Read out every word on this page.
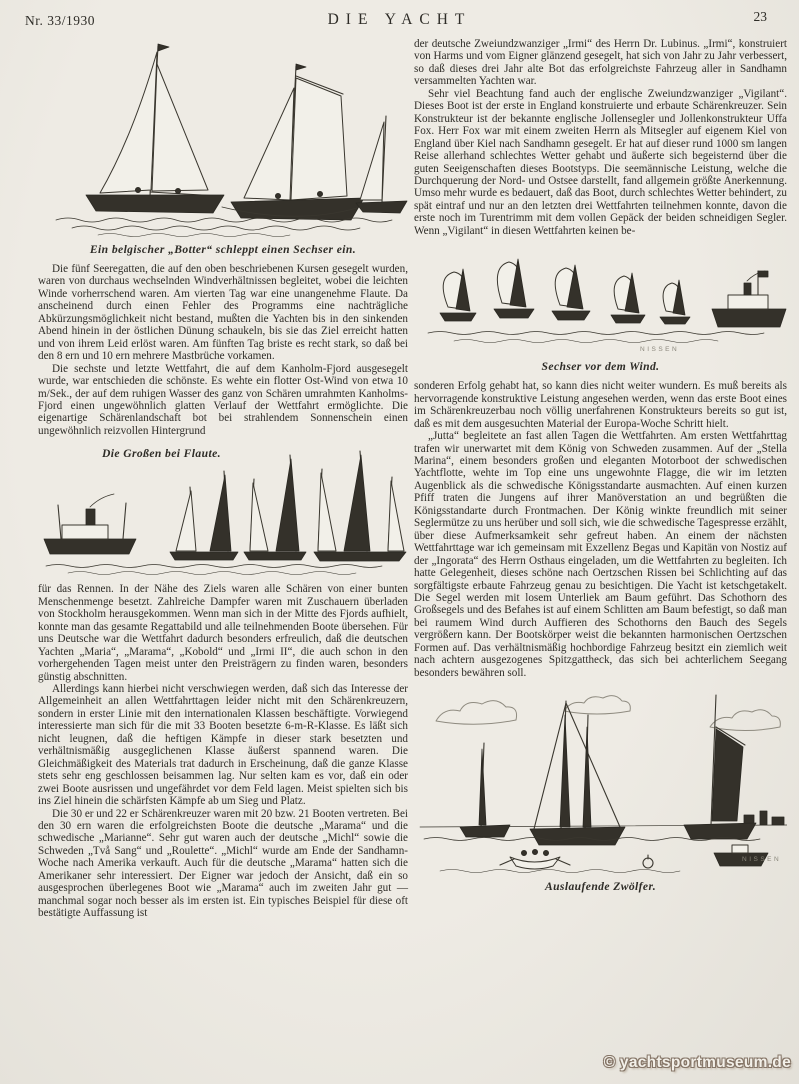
Nr. 33/1930	DIE YACHT	23

Ein belgischer „Botter“ schleppt einen Sechser ein.

Die fünf Seeregatten, die auf den oben beschriebenen Kursen gesegelt wurden, waren von durchaus wechselnden Windverhältnissen begleitet, wobei die leichten Winde vorherrschend waren. Am vierten Tag war eine unangenehme Flaute. Da anscheinend durch einen Fehler des Programms eine nachträgliche Abkürzungsmöglichkeit nicht bestand, mußten die Yachten bis in den sinkenden Abend hinein in der östlichen Dünung schaukeln, bis sie das Ziel erreicht hatten und von ihrem Leid erlöst waren. Am fünften Tag briste es recht stark, so daß bei den 8 ern und 10 ern mehrere Mastbrüche vorkamen.

Die sechste und letzte Wettfahrt, die auf dem Kanholm-Fjord ausgesegelt wurde, war entschieden die schönste. Es wehte ein flotter Ost-Wind von etwa 10 m/Sek., der auf dem ruhigen Wasser des ganz von Schären umrahmten Kanholms-Fjord einen ungewöhnlich glatten Verlauf der Wettfahrt ermöglichte. Die eigenartige Schärenlandschaft bot bei strahlendem Sonnenschein einen ungewöhnlich reizvollen Hintergrund

Die Großen bei Flaute.

für das Rennen. In der Nähe des Ziels waren alle Schären von einer bunten Menschenmenge besetzt. Zahlreiche Dampfer waren mit Zuschauern überladen von Stockholm herausgekommen. Wenn man sich in der Mitte des Fjords aufhielt, konnte man das gesamte Regattabild und alle teilnehmenden Boote übersehen. Für uns Deutsche war die Wettfahrt dadurch besonders erfreulich, daß die deutschen Yachten „Maria“, „Marama“, „Kobold“ und „Irmi II“, die auch schon in den vorhergehenden Tagen meist unter den Preisträgern zu finden waren, besonders günstig abschnitten.

Allerdings kann hierbei nicht verschwiegen werden, daß sich das Interesse der Allgemeinheit an allen Wettfahrttagen leider nicht mit den Schärenkreuzern, sondern in erster Linie mit den internationalen Klassen beschäftigte. Vorwiegend interessierte man sich für die mit 33 Booten besetzte 6-m-R-Klasse. Es läßt sich nicht leugnen, daß die heftigen Kämpfe in dieser stark besetzten und verhältnismäßig ausgeglichenen Klasse äußerst spannend waren. Die Gleichmäßigkeit des Materials trat dadurch in Erscheinung, daß die ganze Klasse stets sehr eng geschlossen beisammen lag. Nur selten kam es vor, daß ein oder zwei Boote ausrissen und ungefährdet vor dem Feld lagen. Meist spielten sich bis ins Ziel hinein die schärfsten Kämpfe ab um Sieg und Platz.

Die 30 er und 22 er Schärenkreuzer waren mit 20 bzw. 21 Booten vertreten. Bei den 30 ern waren die erfolgreichsten Boote die deutsche „Marama“ und die schwedische „Marianne“. Sehr gut waren auch der deutsche „Michl“ sowie die Schweden „Två Sang“ und „Roulette“. „Michl“ wurde am Ende der Sandhamn-Woche nach Amerika verkauft. Auch für die deutsche „Marama“ hatten sich die Amerikaner sehr interessiert. Der Eigner war jedoch der Ansicht, daß ein so ausgesprochen überlegenes Boot wie „Marama“ auch im zweiten Jahr gut — manchmal sogar noch besser als im ersten ist. Ein typisches Beispiel für diese oft bestätigte Auffassung ist

der deutsche Zweiundzwanziger „Irmi“ des Herrn Dr. Lubinus. „Irmi“, konstruiert von Harms und vom Eigner glänzend gesegelt, hat sich von Jahr zu Jahr verbessert, so daß dieses drei Jahr alte Bot das erfolgreichste Fahrzeug aller in Sandhamn versammelten Yachten war.

Sehr viel Beachtung fand auch der englische Zweiundzwanziger „Vigilant“. Dieses Boot ist der erste in England konstruierte und erbaute Schärenkreuzer. Sein Konstrukteur ist der bekannte englische Jollensegler und Jollenkonstrukteur Uffa Fox. Herr Fox war mit einem zweiten Herrn als Mitsegler auf eigenem Kiel von England über Kiel nach Sandhamn gesegelt. Er hat auf dieser rund 1000 sm langen Reise allerhand schlechtes Wetter gehabt und äußerte sich begeisternd über die guten Seeigenschaften dieses Bootstyps. Die seemännische Leistung, welche die Durchquerung der Nord- und Ostsee darstellt, fand allgemein größte Anerkennung. Umso mehr wurde es bedauert, daß das Boot, durch schlechtes Wetter behindert, zu spät eintraf und nur an den letzten drei Wettfahrten teilnehmen konnte, davon die erste noch im Turentrimm mit dem vollen Gepäck der beiden schneidigen Segler. Wenn „Vigilant“ in diesen Wettfahrten keinen be-

NISSEN

Sechser vor dem Wind.

sonderen Erfolg gehabt hat, so kann dies nicht weiter wundern. Es muß bereits als hervorragende konstruktive Leistung angesehen werden, wenn das erste Boot eines im Schärenkreuzerbau noch völlig unerfahrenen Konstrukteurs bereits so gut ist, daß es mit dem ausgesuchten Material der Europa-Woche Schritt hielt.

„Jutta“ begleitete an fast allen Tagen die Wettfahrten. Am ersten Wettfahrttag trafen wir unerwartet mit dem König von Schweden zusammen. Auf der „Stella Marina“, einem besonders großen und eleganten Motorboot der schwedischen Yachtflotte, wehte im Top eine uns ungewohnte Flagge, die wir im letzten Augenblick als die schwedische Königsstandarte ausmachten. Auf einen kurzen Pfiff traten die Jungens auf ihrer Manöverstation an und begrüßten die Königsstandarte durch Frontmachen. Der König winkte freundlich mit seiner Seglermütze zu uns herüber und soll sich, wie die schwedische Tagespresse erzählt, über diese Aufmerksamkeit sehr gefreut haben. An einem der nächsten Wettfahrttage war ich gemeinsam mit Exzellenz Begas und Kapitän von Nostiz auf der „Ingorata“ des Herrn Osthaus eingeladen, um die Wettfahrten zu begleiten. Ich hatte Gelegenheit, dieses schöne nach Oertzschen Rissen bei Schlichting auf das sorgfältigste erbaute Fahrzeug genau zu besichtigen. Die Yacht ist ketschgetakelt. Die Segel werden mit losem Unterliek am Baum geführt. Das Schothorn des Großsegels und des Befahes ist auf einem Schlitten am Baum befestigt, so daß man bei raumem Wind durch Auffieren des Schothorns den Bauch des Segels vergrößern kann. Der Bootskörper weist die bekannten harmonischen Oertzschen Formen auf. Das verhältnismäßig hochbordige Fahrzeug besitzt ein ziemlich weit nach achtern ausgezogenes Spitzgattheck, das sich bei achterlichem Seegang besonders bewähren soll.

NISSEN

Auslaufende Zwölfer.

© yachtsportmuseum.de
